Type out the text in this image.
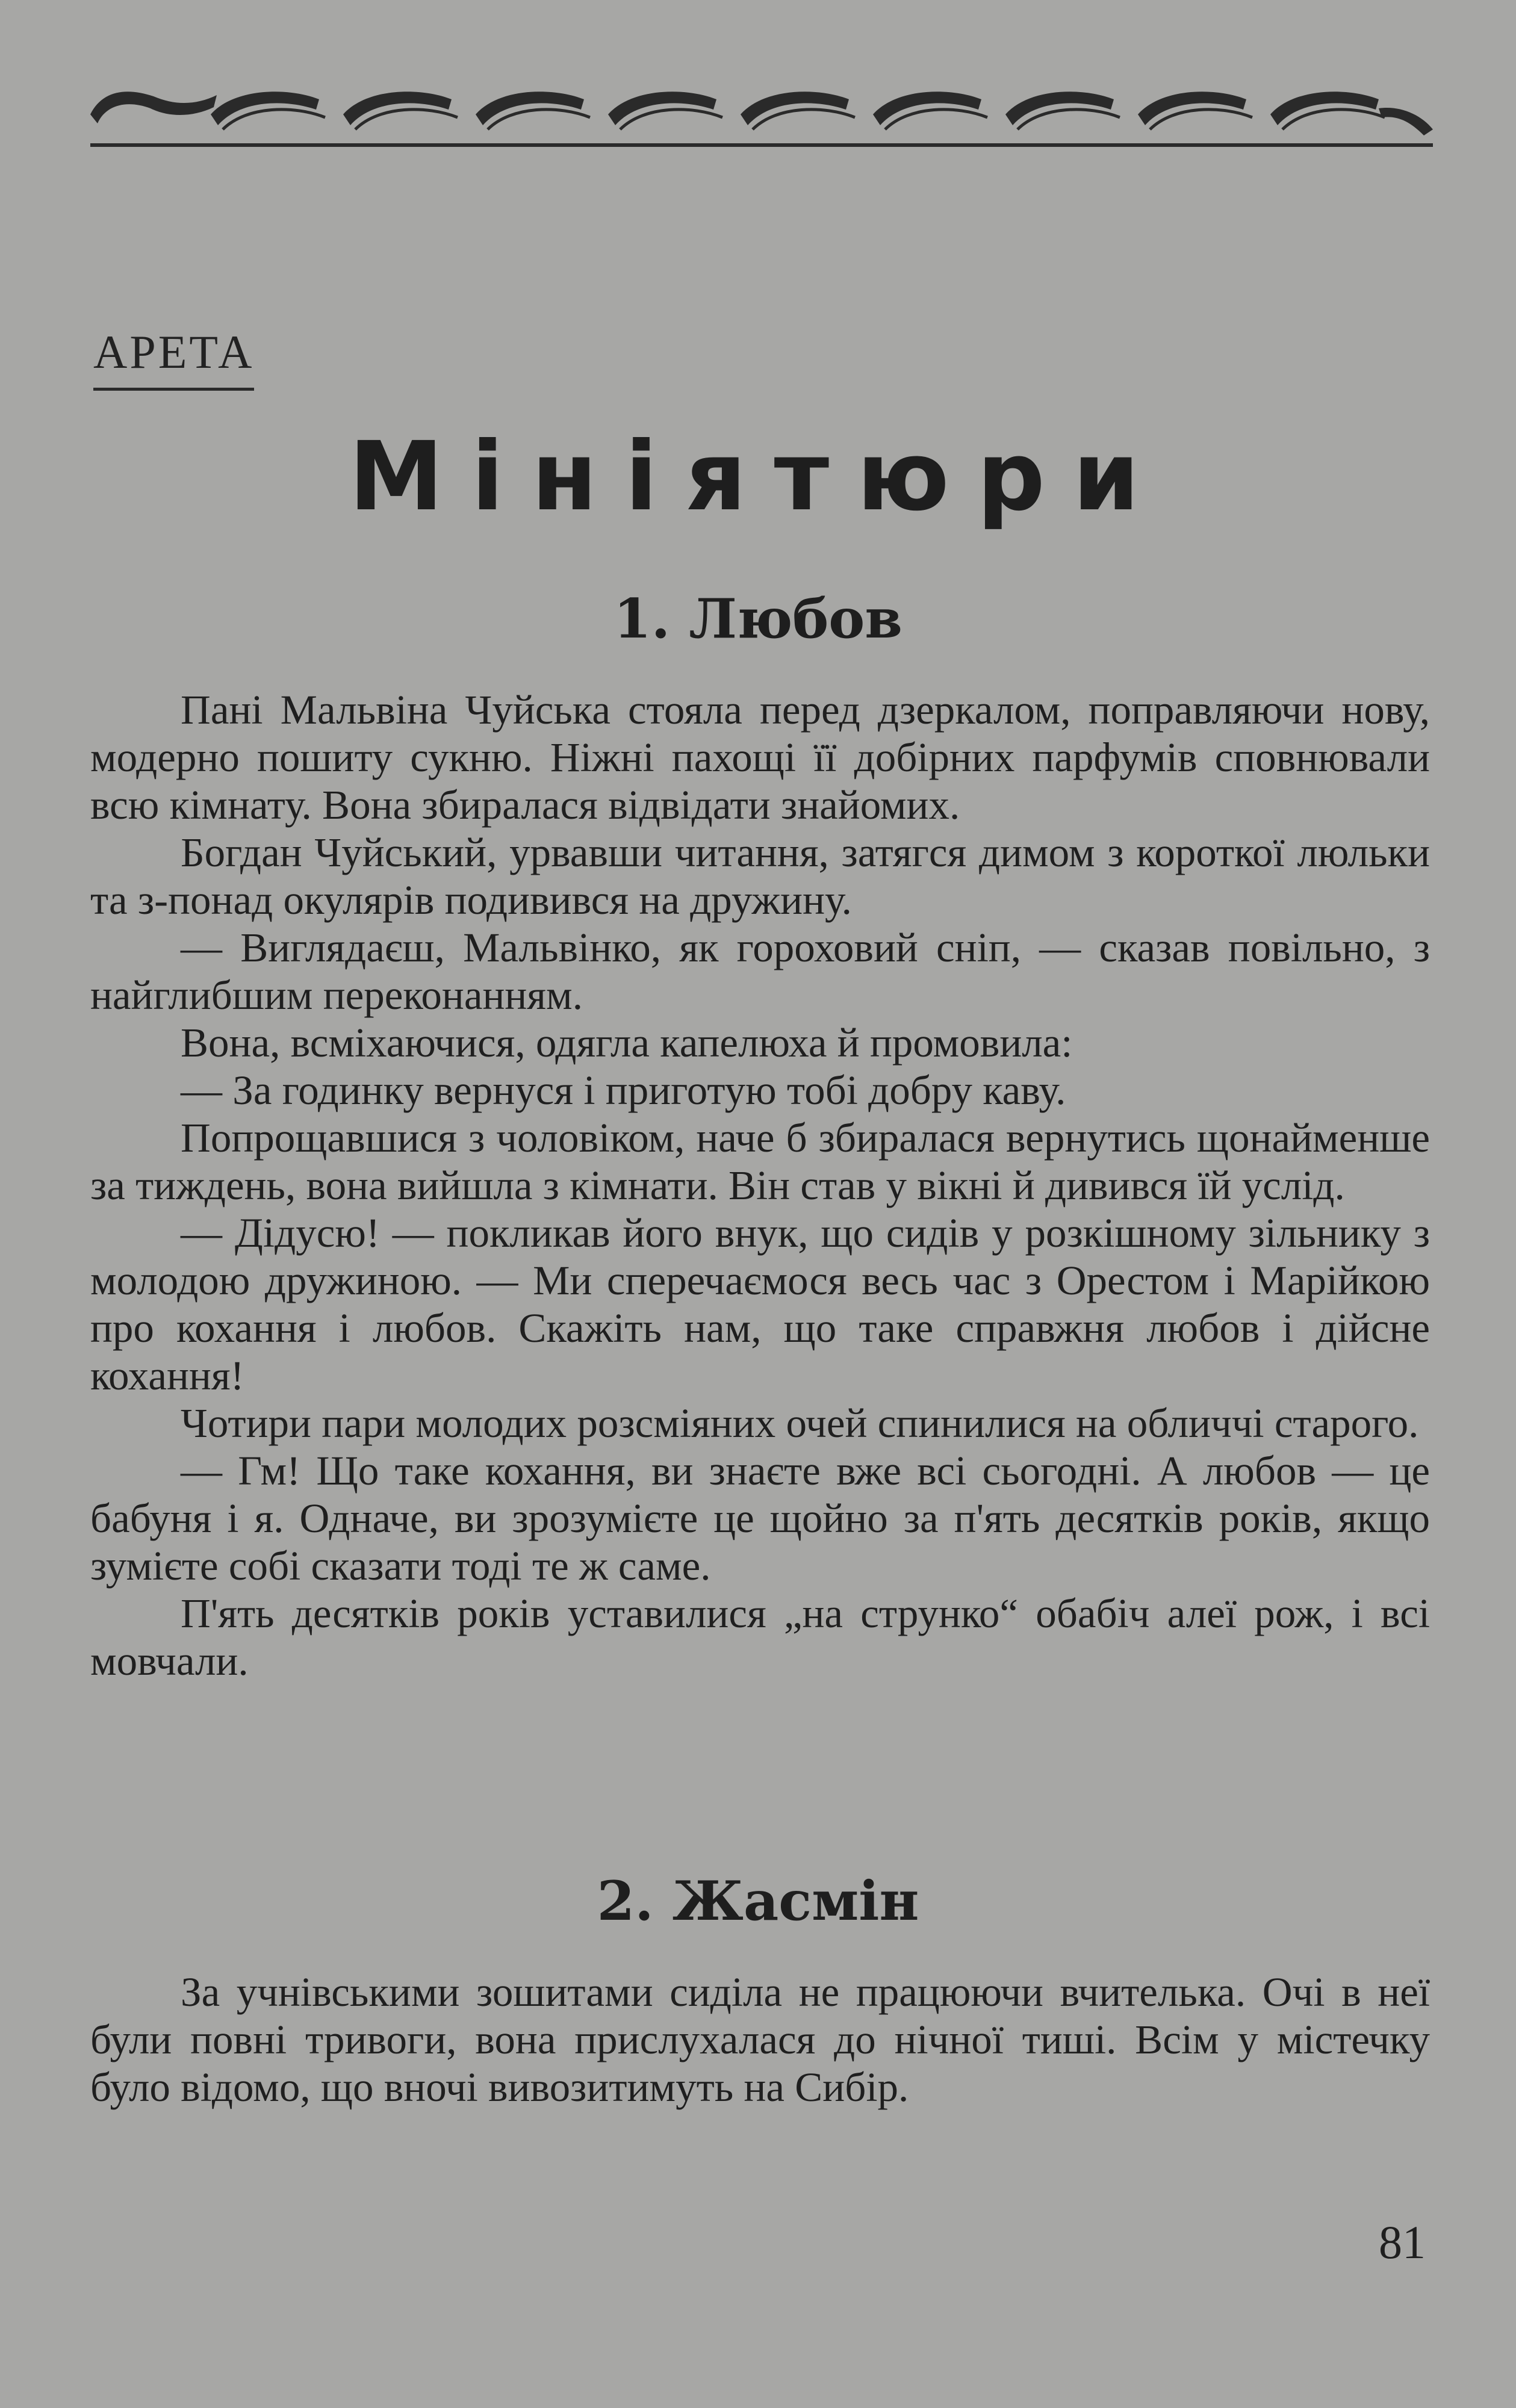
АРЕТА
Мініятюри
1. Любов

Пані Мальвіна Чуйська стояла перед дзеркалом, поправляючи нову, модерно пошиту сукню. Ніжні пахощі її добірних парфумів сповнювали всю кімнату. Вона збиралася відвідати знайомих.

Богдан Чуйський, урвавши читання, затягся димом з короткої люльки та з-понад окулярів подивився на дружину.

— Виглядаєш, Мальвінко, як гороховий сніп, — сказав повільно, з найглибшим переконанням.

Вона, всміхаючися, одягла капелюха й промовила:

— За годинку вернуся і приготую тобі добру каву.

Попрощавшися з чоловіком, наче б збиралася вернутись щонайменше за тиждень, вона вийшла з кімнати. Він став у вікні й дивився їй услід.

— Дідусю! — покликав його внук, що сидів у розкішному зільнику з молодою дружиною. — Ми сперечаємося весь час з Орестом і Марійкою про кохання і любов. Скажіть нам, що таке справжня любов і дійсне кохання!

Чотири пари молодих розсміяних очей спинилися на обличчі старого.

— Гм! Що таке кохання, ви знаєте вже всі сьогодні. А любов — це бабуня і я. Одначе, ви зрозумієте це щойно за п'ять десятків років, якщо зумієте собі сказати тоді те ж саме.

П'ять десятків років уставилися „на струнко“ обабіч алеї рож, і всі мовчали.

2. Жасмін

За учнівськими зошитами сиділа не працюючи вчителька. Очі в неї були повні тривоги, вона прислухалася до нічної тиші. Всім у містечку було відомо, що вночі вивозитимуть на Сибір.

81
